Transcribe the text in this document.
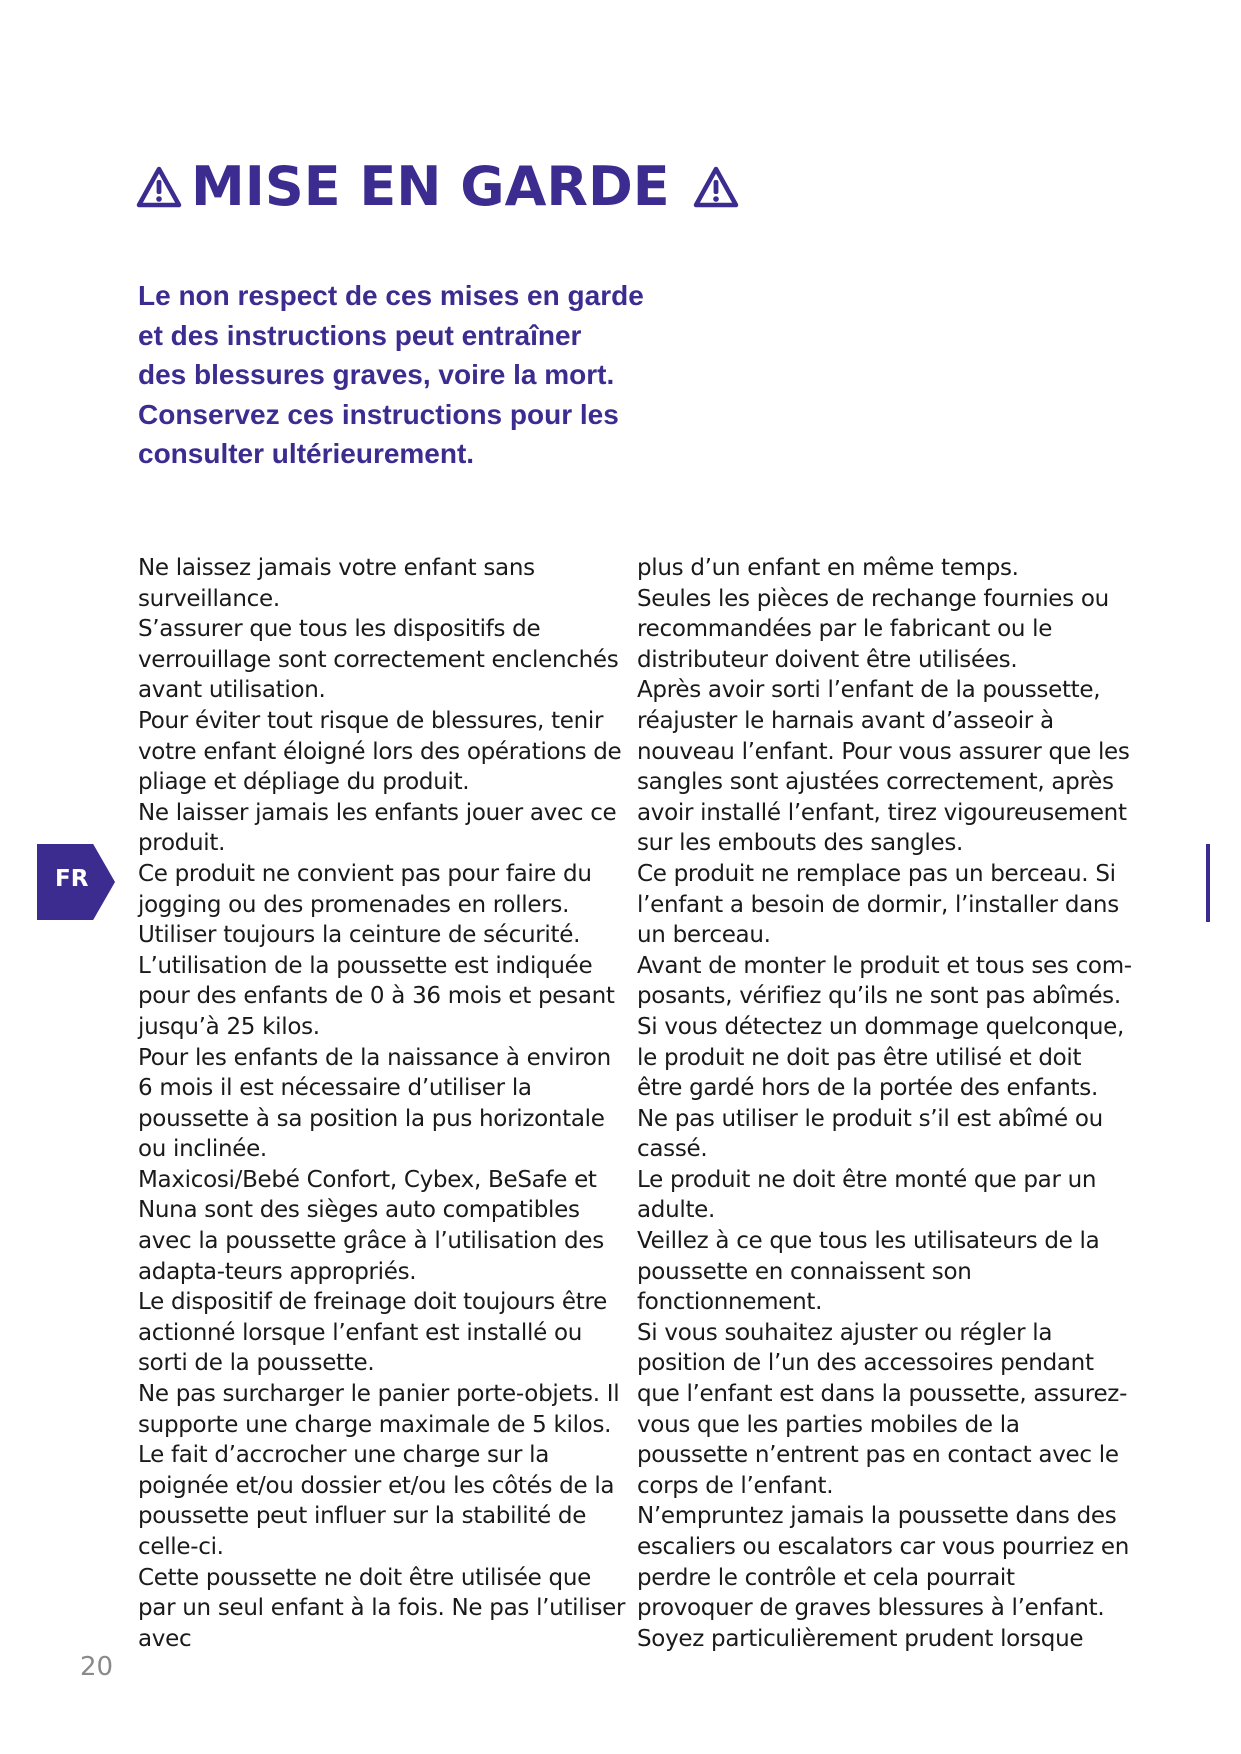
MISE EN GARDE
Le non respect de ces mises en garde
et des instructions peut entraîner
des blessures graves, voire la mort.
Conservez ces instructions pour les
consulter ultérieurement.

Ne laissez jamais votre enfant sans surveillance.

S’assurer que tous les dispositifs de verrouillage sont correctement enclenchés avant utilisation.

Pour éviter tout risque de blessures, tenir votre enfant éloigné lors des opérations de pliage et dépliage du produit.

Ne laisser jamais les enfants jouer avec ce produit.

Ce produit ne convient pas pour faire du jogging ou des promenades en rollers.

Utiliser toujours la ceinture de sécurité.

L’utilisation de la poussette est indiquée pour des enfants de 0 à 36 mois et pesant jusqu’à 25 kilos.

Pour les enfants de la naissance à environ 6 mois il est nécessaire d’utiliser la poussette à sa position la pus horizontale ou inclinée.

Maxicosi/Bebé Confort, Cybex, BeSafe et Nuna sont des sièges auto compatibles avec la poussette grâce à l’utilisation des adapta-teurs appropriés.

Le dispositif de freinage doit toujours être actionné lorsque l’enfant est installé ou sorti de la poussette.

Ne pas surcharger le panier porte-objets. Il supporte une charge maximale de 5 kilos.

Le fait d’accrocher une charge sur la poignée et/ou dossier et/ou les côtés de la poussette peut influer sur la stabilité de celle-ci.

Cette poussette ne doit être utilisée que par un seul enfant à la fois. Ne pas l’utiliser avec

plus d’un enfant en même temps.

Seules les pièces de rechange fournies ou recommandées par le fabricant ou le distributeur doivent être utilisées.

Après avoir sorti l’enfant de la poussette, réajuster le harnais avant d’asseoir à nouveau l’enfant. Pour vous assurer que les sangles sont ajustées correctement, après avoir installé l’enfant, tirez vigoureusement sur les embouts des sangles.

Ce produit ne remplace pas un berceau. Si l’enfant a besoin de dormir, l’installer dans un berceau.

Avant de monter le produit et tous ses com-posants, vérifiez qu’ils ne sont pas abîmés. Si vous détectez un dommage quelconque, le produit ne doit pas être utilisé et doit être gardé hors de la portée des enfants.

Ne pas utiliser le produit s’il est abîmé ou cassé.

Le produit ne doit être monté que par un adulte.

Veillez à ce que tous les utilisateurs de la poussette en connaissent son fonctionnement.

Si vous souhaitez ajuster ou régler la position de l’un des accessoires pendant que l’enfant est dans la poussette, assurez-vous que les parties mobiles de la poussette n’entrent pas en contact avec le corps de l’enfant.

N’empruntez jamais la poussette dans des escaliers ou escalators car vous pourriez en perdre le contrôle et cela pourrait provoquer de graves blessures à l’enfant.

Soyez particulièrement prudent lorsque

FR
20
